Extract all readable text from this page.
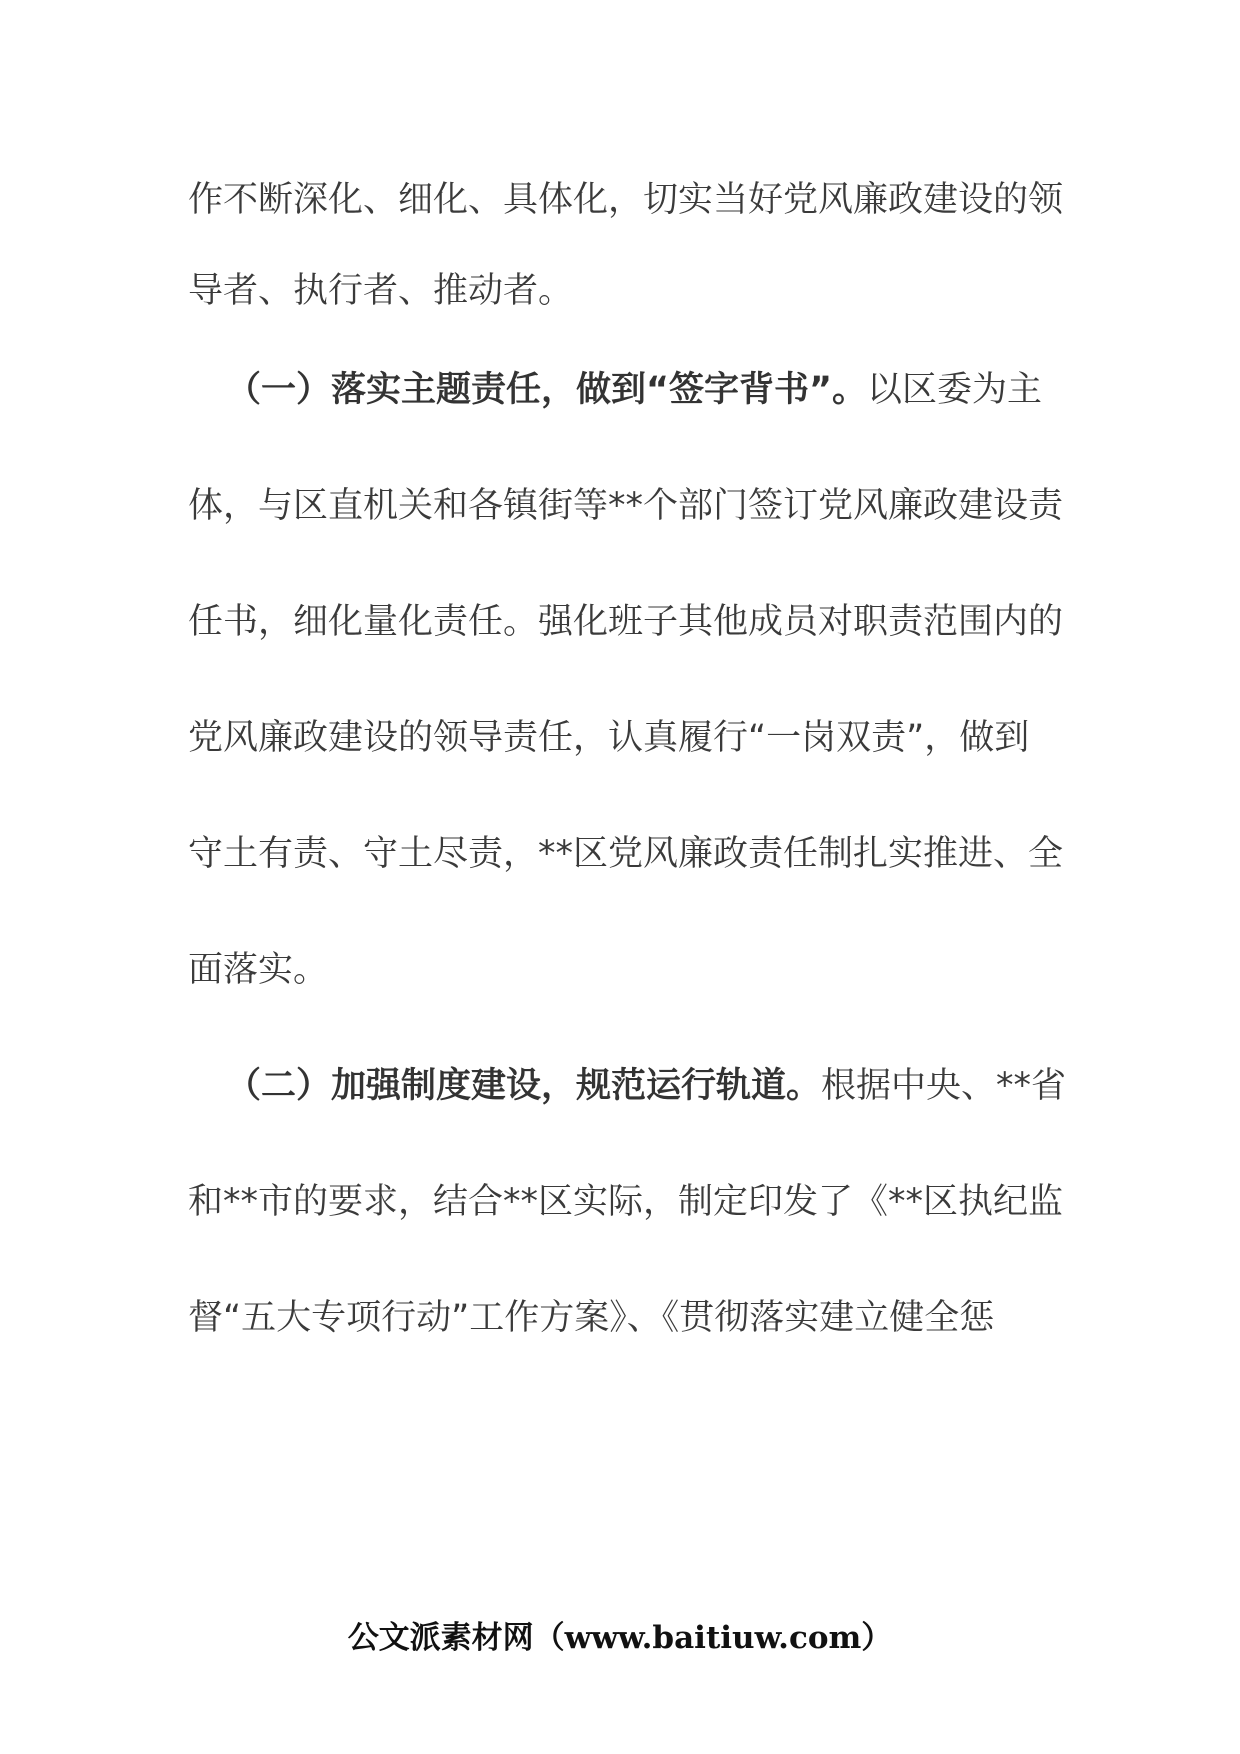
作不断深化、细化、具体化，切实当好党风廉政建设的领
导者、执行者、推动者。
（一）落实主题责任，做到“签字背书”。以区委为主
体，与区直机关和各镇街等**个部门签订党风廉政建设责
任书，细化量化责任。强化班子其他成员对职责范围内的
党风廉政建设的领导责任，认真履行“一岗双责”，做到
守土有责、守土尽责，**区党风廉政责任制扎实推进、全
面落实。
（二）加强制度建设，规范运行轨道。根据中央、**省
和**市的要求，结合**区实际，制定印发了《**区执纪监
督“五大专项行动”工作方案》、《贯彻落实建立健全惩
公文派素材网（www.baitiuw.com）
